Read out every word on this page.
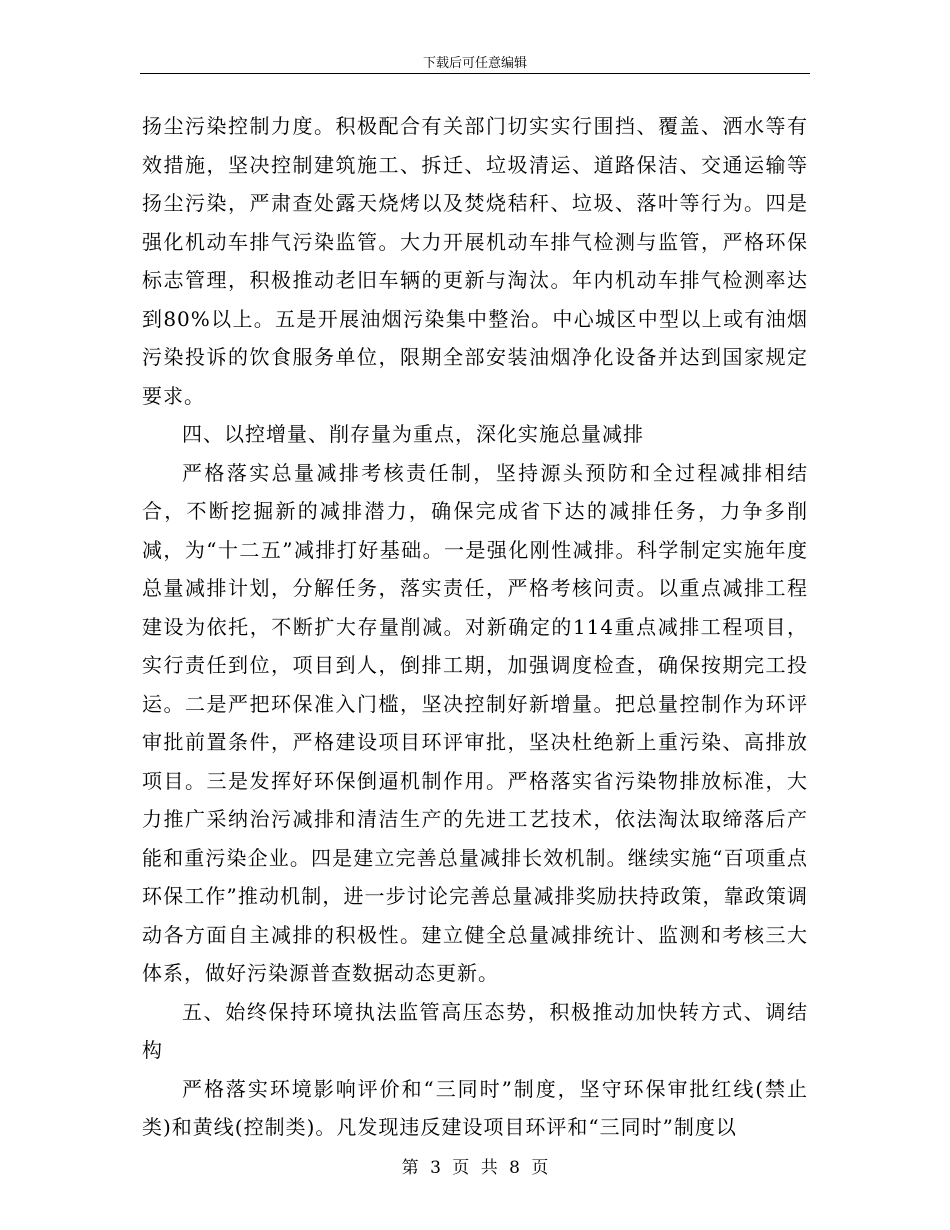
下载后可任意编辑

扬尘污染控制力度。积极配合有关部门切实实行围挡、覆盖、洒水等有效措施，坚决控制建筑施工、拆迁、垃圾清运、道路保洁、交通运输等扬尘污染，严肃查处露天烧烤以及焚烧秸秆、垃圾、落叶等行为。四是强化机动车排气污染监管。大力开展机动车排气检测与监管，严格环保标志管理，积极推动老旧车辆的更新与淘汰。年内机动车排气检测率达到80%以上。五是开展油烟污染集中整治。中心城区中型以上或有油烟污染投诉的饮食服务单位，限期全部安装油烟净化设备并达到国家规定要求。

四、以控增量、削存量为重点，深化实施总量减排

严格落实总量减排考核责任制，坚持源头预防和全过程减排相结合，不断挖掘新的减排潜力，确保完成省下达的减排任务，力争多削减，为“十二五”减排打好基础。一是强化刚性减排。科学制定实施年度总量减排计划，分解任务，落实责任，严格考核问责。以重点减排工程建设为依托，不断扩大存量削减。对新确定的114重点减排工程项目，实行责任到位，项目到人，倒排工期，加强调度检查，确保按期完工投运。二是严把环保准入门槛，坚决控制好新增量。把总量控制作为环评审批前置条件，严格建设项目环评审批，坚决杜绝新上重污染、高排放项目。三是发挥好环保倒逼机制作用。严格落实省污染物排放标准，大力推广采纳治污减排和清洁生产的先进工艺技术，依法淘汰取缔落后产能和重污染企业。四是建立完善总量减排长效机制。继续实施“百项重点环保工作”推动机制，进一步讨论完善总量减排奖励扶持政策，靠政策调动各方面自主减排的积极性。建立健全总量减排统计、监测和考核三大体系，做好污染源普查数据动态更新。

五、始终保持环境执法监管高压态势，积极推动加快转方式、调结构

严格落实环境影响评价和“三同时”制度，坚守环保审批红线(禁止类)和黄线(控制类)。凡发现违反建设项目环评和“三同时”制度以

第 3 页 共 8 页
